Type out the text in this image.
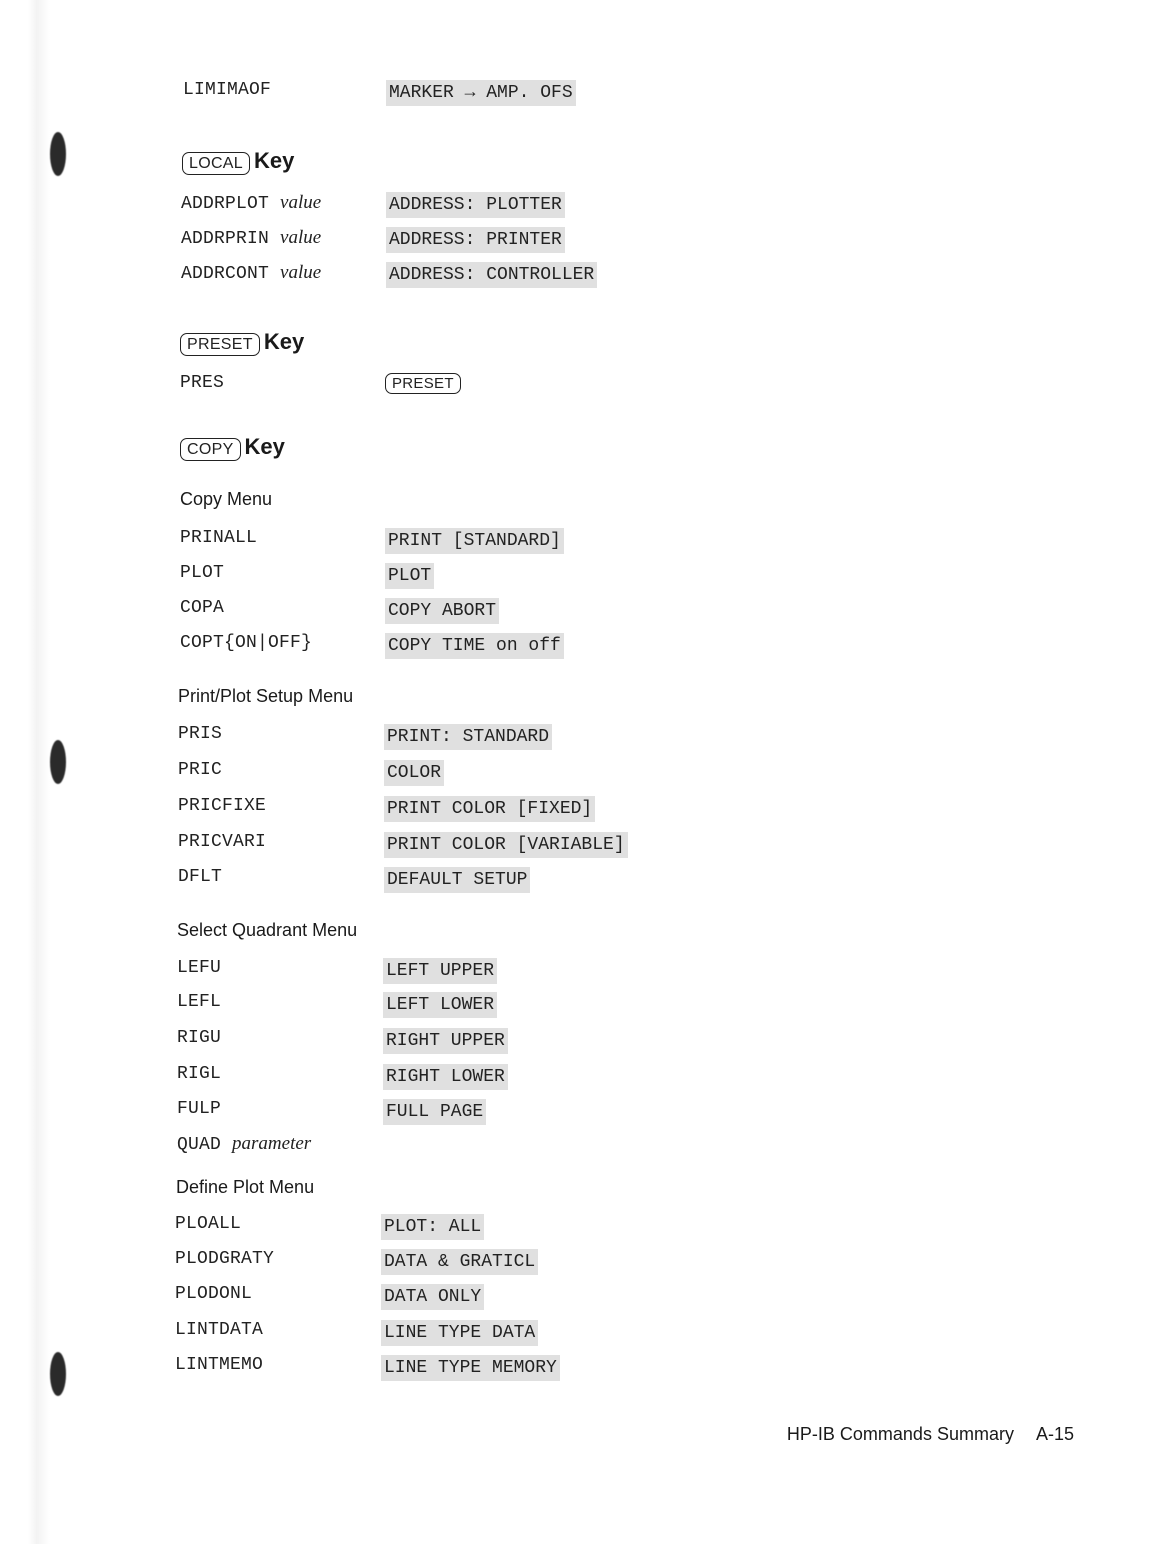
LIMIMAOF	MARKER → AMP. OFS
LOCAL Key
ADDRPLOT value	ADDRESS: PLOTTER
ADDRPRIN value	ADDRESS: PRINTER
ADDRCONT value	ADDRESS: CONTROLLER
PRESET Key
PRES	PRESET
COPY Key
Copy Menu
PRINALL	PRINT [STANDARD]
PLOT	PLOT
COPA	COPY ABORT
COPT{ON|OFF}	COPY TIME on off
Print/Plot Setup Menu
PRIS	PRINT: STANDARD
PRIC	COLOR
PRICFIXE	PRINT COLOR [FIXED]
PRICVARI	PRINT COLOR [VARIABLE]
DFLT	DEFAULT SETUP
Select Quadrant Menu
LEFU	LEFT UPPER
LEFL	LEFT LOWER
RIGU	RIGHT UPPER
RIGL	RIGHT LOWER
FULP	FULL PAGE
QUAD parameter
Define Plot Menu
PLOALL	PLOT: ALL
PLODGRATY	DATA & GRATICL
PLODONL	DATA ONLY
LINTDATA	LINE TYPE DATA
LINTMEMO	LINE TYPE MEMORY
HP-IB Commands Summary A-15
